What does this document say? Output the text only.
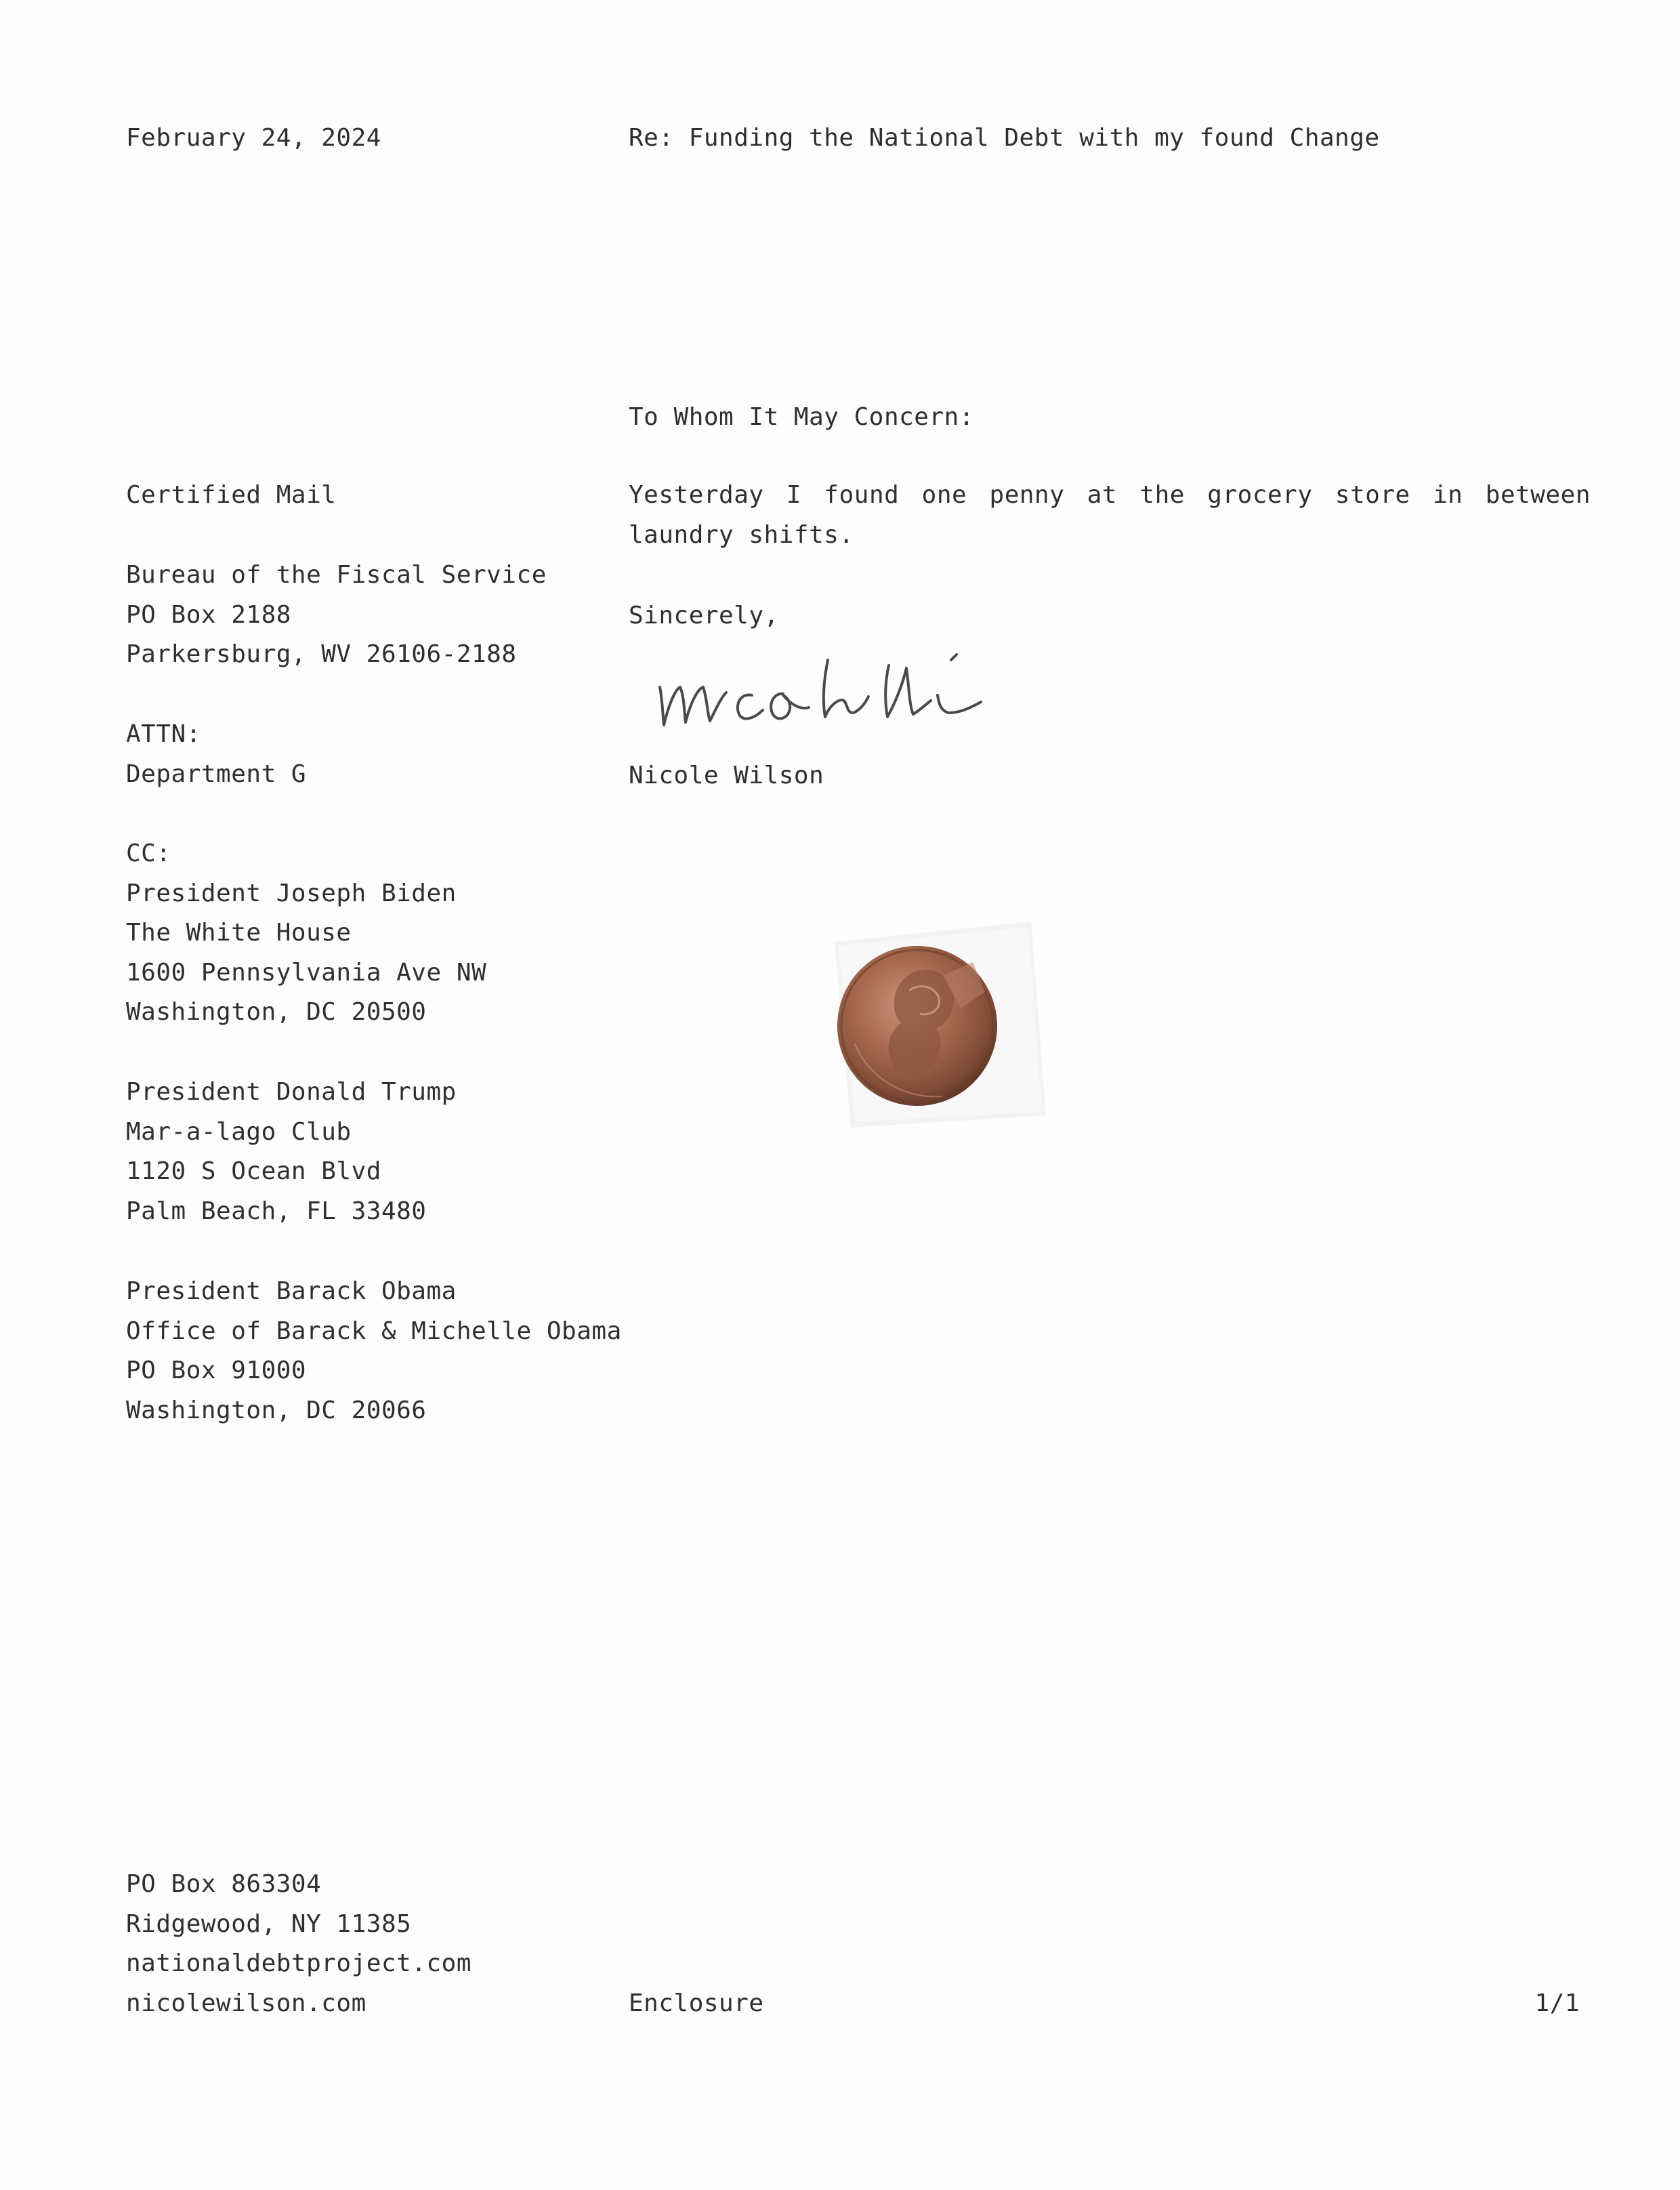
February 24, 2024	Re: Funding the National Debt with my found Change
To Whom It May Concern:
Certified Mail
Bureau of the Fiscal Service
PO Box 2188
Parkersburg, WV 26106-2188
ATTN:
Department G
CC:
President Joseph Biden
The White House
1600 Pennsylvania Ave NW
Washington, DC 20500
President Donald Trump
Mar-a-lago Club
1120 S Ocean Blvd
Palm Beach, FL 33480
President Barack Obama
Office of Barack & Michelle Obama
PO Box 91000
Washington, DC 20066
Yesterday I found one penny at the grocery store in between laundry shifts.
Sincerely,
Nicole Wilson
PO Box 863304
Ridgewood, NY 11385
nationaldebtproject.com
nicolewilson.com	Enclosure	1/1
